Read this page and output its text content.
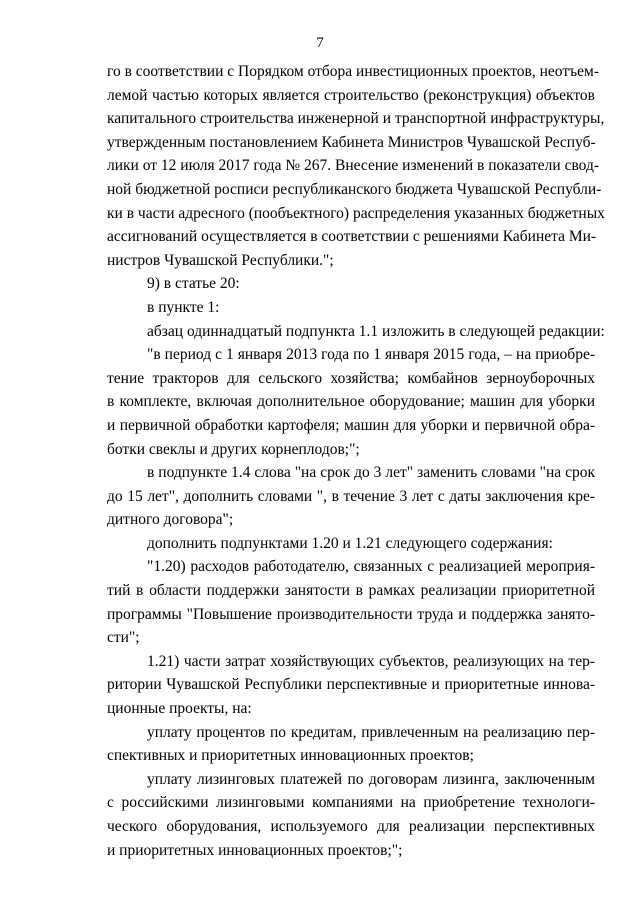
7
го в соответствии с Порядком отбора инвестиционных проектов, неотъем-
лемой частью которых является строительство (реконструкция) объектов
капитального строительства инженерной и транспортной инфраструктуры,
утвержденным постановлением Кабинета Министров Чувашской Респуб-
лики от 12 июля 2017 года № 267. Внесение изменений в показатели свод-
ной бюджетной росписи республиканского бюджета Чувашской Республи-
ки в части адресного (пообъектного) распределения указанных бюджетных
ассигнований осуществляется в соответствии с решениями Кабинета Ми-
нистров Чувашской Республики.";
9) в статье 20:
в пункте 1:
абзац одиннадцатый подпункта 1.1 изложить в следующей редакции:
"в период с 1 января 2013 года по 1 января 2015 года, – на приобре-
тение тракторов для сельского хозяйства; комбайнов зерноуборочных
в комплекте, включая дополнительное оборудование; машин для уборки
и первичной обработки картофеля; машин для уборки и первичной обра-
ботки свеклы и других корнеплодов;";
в подпункте 1.4 слова "на срок до 3 лет" заменить словами "на срок
до 15 лет", дополнить словами ", в течение 3 лет с даты заключения кре-
дитного договора";
дополнить подпунктами 1.20 и 1.21 следующего содержания:
"1.20) расходов работодателю, связанных с реализацией мероприя-
тий в области поддержки занятости в рамках реализации приоритетной
программы "Повышение производительности труда и поддержка занято-
сти";
1.21) части затрат хозяйствующих субъектов, реализующих на тер-
ритории Чувашской Республики перспективные и приоритетные иннова-
ционные проекты, на:
уплату процентов по кредитам, привлеченным на реализацию пер-
спективных и приоритетных инновационных проектов;
уплату лизинговых платежей по договорам лизинга, заключенным
с российскими лизинговыми компаниями на приобретение технологи-
ческого оборудования, используемого для реализации перспективных
и приоритетных инновационных проектов;";
